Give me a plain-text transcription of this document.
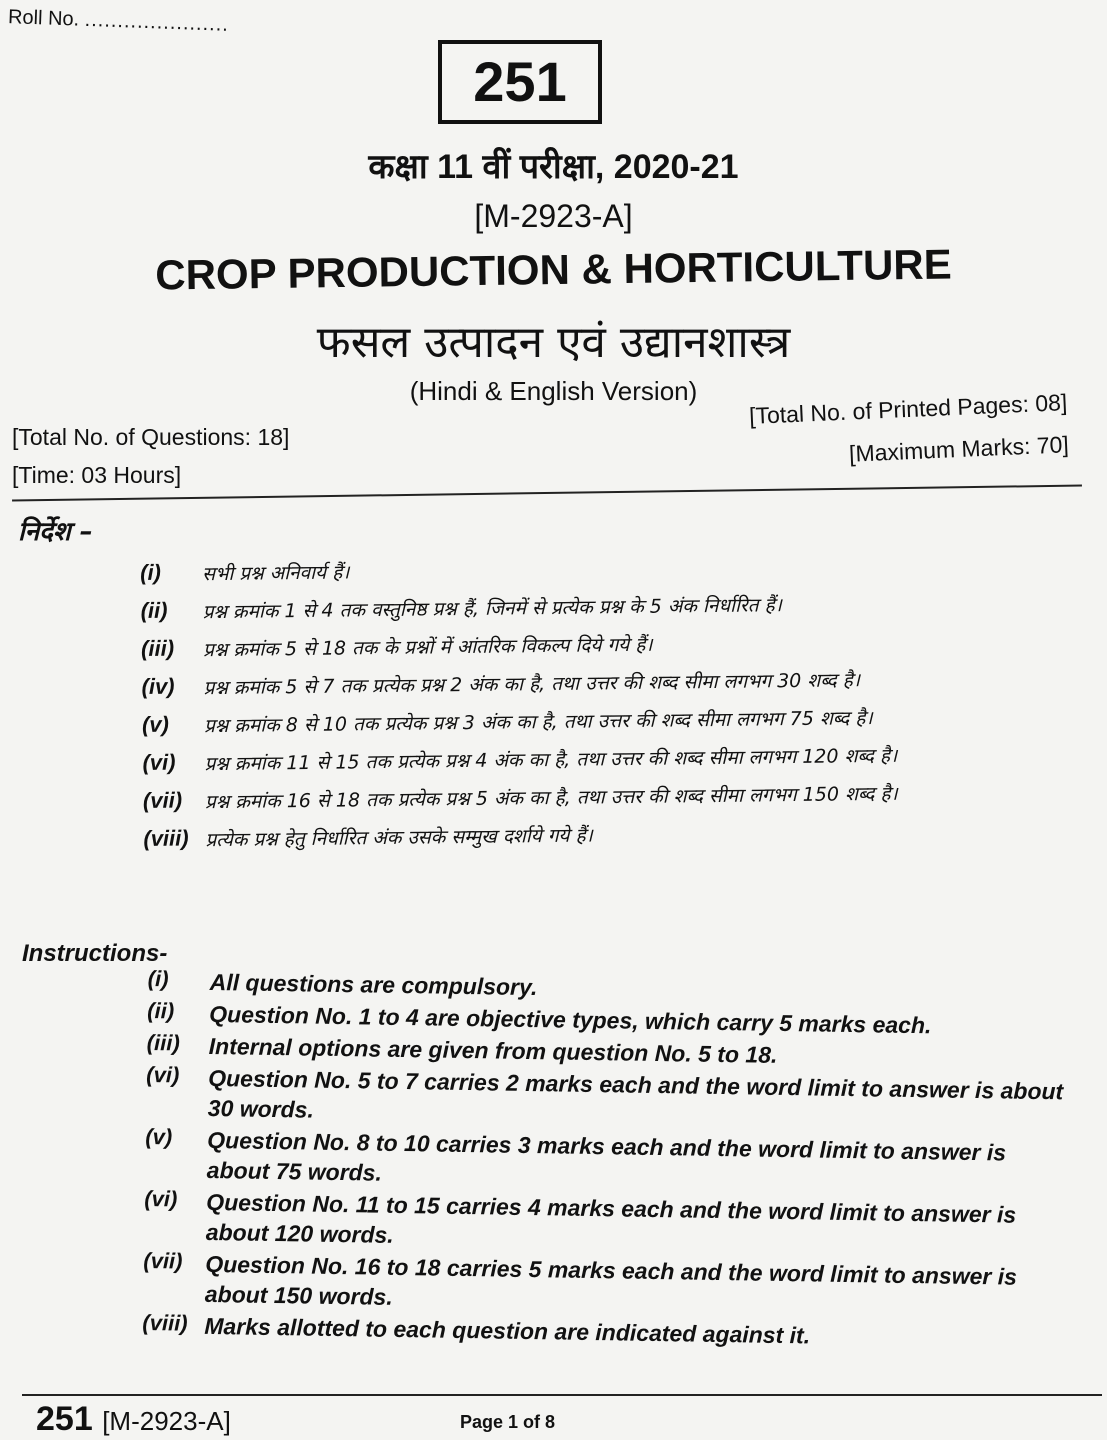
Roll No. ......................
251
कक्षा 11 वीं परीक्षा, 2020-21
[M-2923-A]
CROP PRODUCTION & HORTICULTURE
फसल उत्पादन एवं उद्यानशास्त्र
(Hindi & English Version)
[Total No. of Questions: 18]
[Time: 03 Hours]
[Total No. of Printed Pages: 08]
[Maximum Marks: 70]
निर्देश –
(i)	सभी प्रश्न अनिवार्य हैं।
(ii)	प्रश्न क्रमांक 1 से 4 तक वस्तुनिष्ठ प्रश्न हैं, जिनमें से प्रत्येक प्रश्न के 5 अंक निर्धारित हैं।
(iii)	प्रश्न क्रमांक 5 से 18 तक के प्रश्नों में आंतरिक विकल्प दिये गये हैं।
(iv)	प्रश्न क्रमांक 5 से 7 तक प्रत्येक प्रश्न 2 अंक का है, तथा उत्तर की शब्द सीमा लगभग 30 शब्द है।
(v)	प्रश्न क्रमांक 8 से 10 तक प्रत्येक प्रश्न 3 अंक का है, तथा उत्तर की शब्द सीमा लगभग 75 शब्द है।
(vi)	प्रश्न क्रमांक 11 से 15 तक प्रत्येक प्रश्न 4 अंक का है, तथा उत्तर की शब्द सीमा लगभग 120 शब्द है।
(vii)	प्रश्न क्रमांक 16 से 18 तक प्रत्येक प्रश्न 5 अंक का है, तथा उत्तर की शब्द सीमा लगभग 150 शब्द है।
(viii) प्रत्येक प्रश्न हेतु निर्धारित अंक उसके सम्मुख दर्शाये गये हैं।
Instructions-
(i)	All questions are compulsory.
(ii)	Question No. 1 to 4 are objective types, which carry 5 marks each.
(iii)	Internal options are given from question No. 5 to 18.
(vi)	Question No. 5 to 7 carries 2 marks each and the word limit to answer is about 30 words.
(v)	Question No. 8 to 10 carries 3 marks each and the word limit to answer is about 75 words.
(vi)	Question No. 11 to 15 carries 4 marks each and the word limit to answer is about 120 words.
(vii) Question No. 16 to 18 carries 5 marks each and the word limit to answer is about 150 words.
(viii) Marks allotted to each question are indicated against it.
251 [M-2923-A]	Page 1 of 8
